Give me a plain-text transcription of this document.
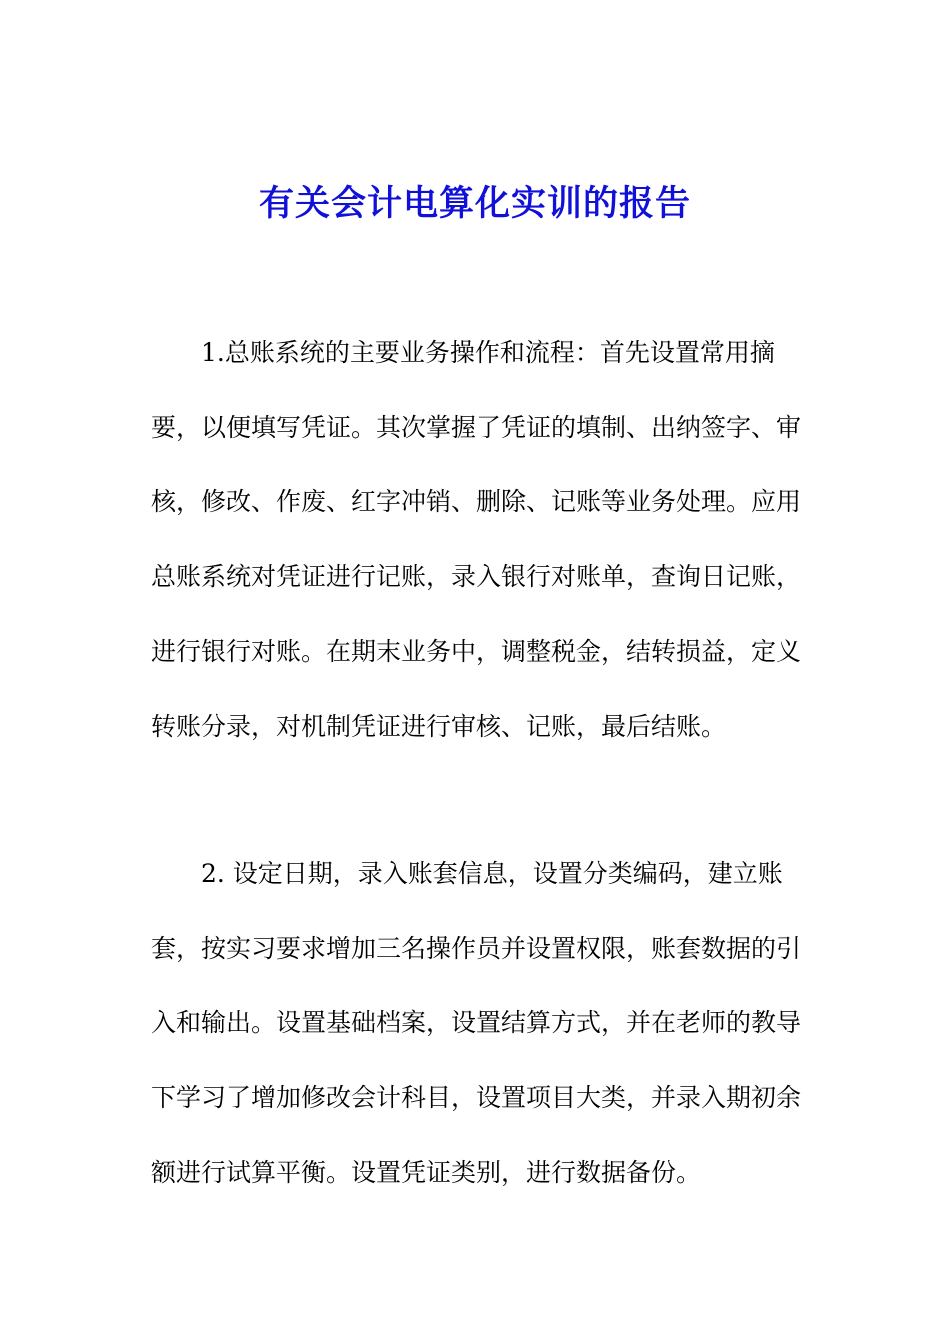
有关会计电算化实训的报告

1.总账系统的主要业务操作和流程：首先设置常用摘要，以便填写凭证。其次掌握了凭证的填制、出纳签字、审核，修改、作废、红字冲销、删除、记账等业务处理。应用总账系统对凭证进行记账，录入银行对账单，查询日记账，进行银行对账。在期末业务中，调整税金，结转损益，定义转账分录，对机制凭证进行审核、记账，最后结账。

2. 设定日期，录入账套信息，设置分类编码，建立账套，按实习要求增加三名操作员并设置权限，账套数据的引入和输出。设置基础档案，设置结算方式，并在老师的教导下学习了增加修改会计科目，设置项目大类，并录入期初余额进行试算平衡。设置凭证类别，进行数据备份。
